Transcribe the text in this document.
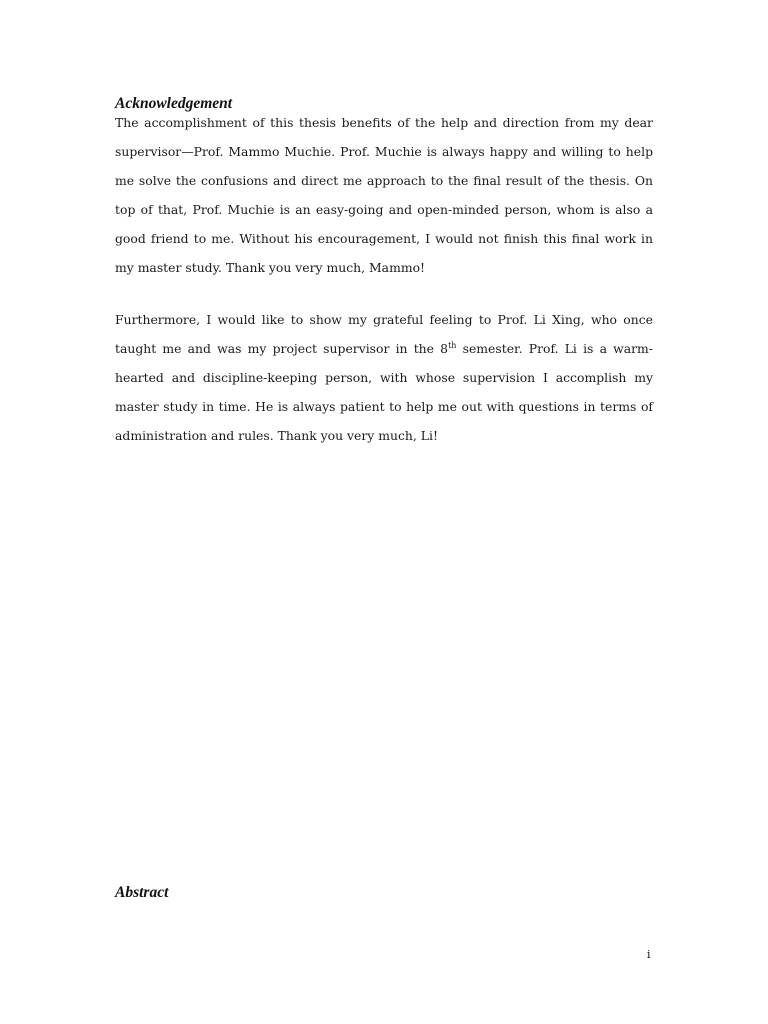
Acknowledgement

The accomplishment of this thesis benefits of the help and direction from my dear supervisor—Prof. Mammo Muchie. Prof. Muchie is always happy and willing to help me solve the confusions and direct me approach to the final result of the thesis. On top of that, Prof. Muchie is an easy-going and open-minded person, whom is also a good friend to me. Without his encouragement, I would not finish this final work in my master study. Thank you very much, Mammo!

Furthermore, I would like to show my grateful feeling to Prof. Li Xing, who once taught me and was my project supervisor in the 8th semester. Prof. Li is a warm-hearted and discipline-keeping person, with whose supervision I accomplish my master study in time. He is always patient to help me out with questions in terms of administration and rules. Thank you very much, Li!

Abstract
i
